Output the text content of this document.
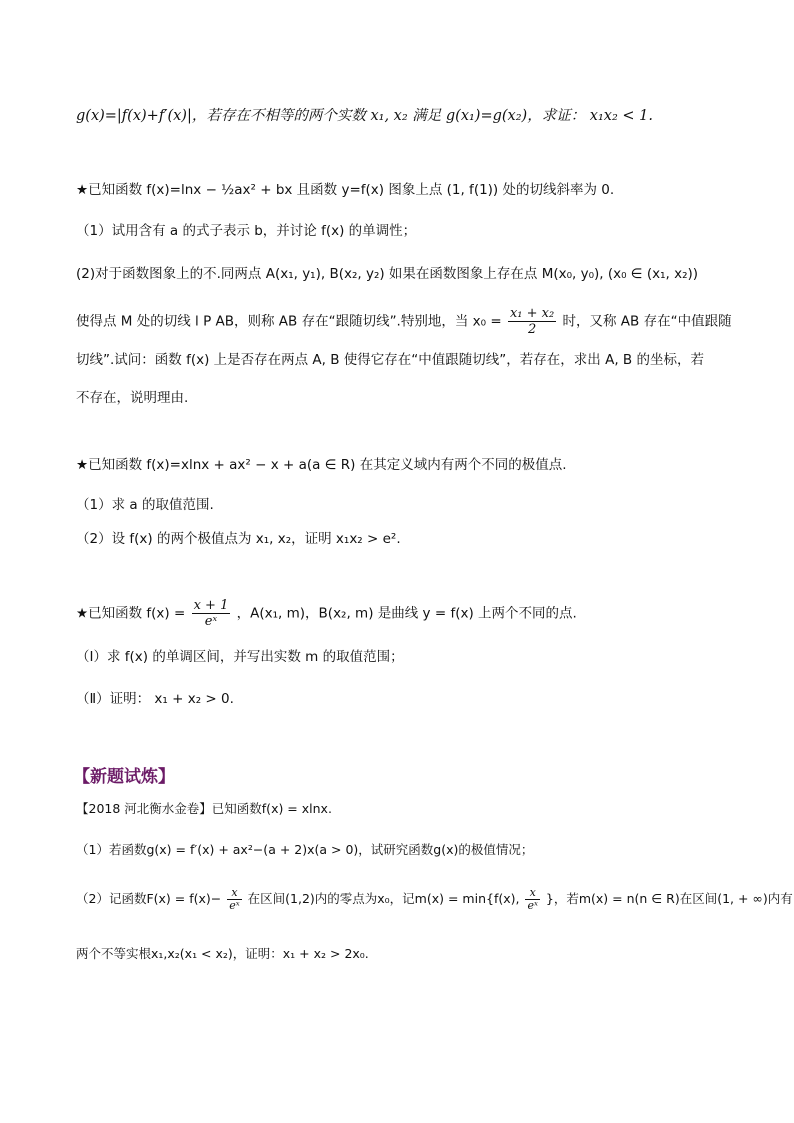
g(x)=|f(x)+f′(x)|，若存在不相等的两个实数 x₁, x₂ 满足 g(x₁)=g(x₂)，求证： x₁x₂ < 1.
★已知函数 f(x)=lnx − ½ax² + bx 且函数 y=f(x) 图象上点 (1, f(1)) 处的切线斜率为 0.
（1）试用含有 a 的式子表示 b，并讨论 f(x) 的单调性；
(2)对于函数图象上的不.同两点 A(x₁, y₁), B(x₂, y₂) 如果在函数图象上存在点 M(x₀, y₀), (x₀ ∈ (x₁, x₂))
使得点 M 处的切线 l P AB，则称 AB 存在“跟随切线”.特别地，当 $x_0 = \frac{\text{x₁ + x₂}}{2}$ 时，又称 AB 存在“中值跟随
切线”.试问：函数 f(x) 上是否存在两点 A, B 使得它存在“中值跟随切线”，若存在，求出 A, B 的坐标，若
不存在，说明理由.
★已知函数 f(x)=xlnx + ax² − x + a(a ∈ R) 在其定义域内有两个不同的极值点.
（1）求 a 的取值范围.
（2）设 f(x) 的两个极值点为 x₁, x₂，证明 x₁x₂ > e².
★已知函数 $f(x) = \frac{x + 1}{\text{eˣ}}$ ，A(x₁, m)，B(x₂, m) 是曲线 y = f(x) 上两个不同的点.
（Ⅰ）求 f(x) 的单调区间，并写出实数 m 的取值范围；
（Ⅱ）证明： x₁ + x₂ > 0.
【新题试炼】
【2018 河北衡水金卷】已知函数f(x) = xlnx.
（1）若函数g(x) = f′(x) + ax²−(a + 2)x(a > 0)，试研究函数g(x)的极值情况；
（2）记函数$F(x) = f(x)- \frac{x}{\text{eˣ}}$ 在区间(1,2)内的零点为x₀，记m(x) = min{f(x), $\frac{x}{\text{eˣ}}$ }，若m(x) = n(n ∈ R)在区间(1, + ∞)内有
两个不等实根x₁,x₂(x₁ < x₂)，证明：x₁ + x₂ > 2x₀.
